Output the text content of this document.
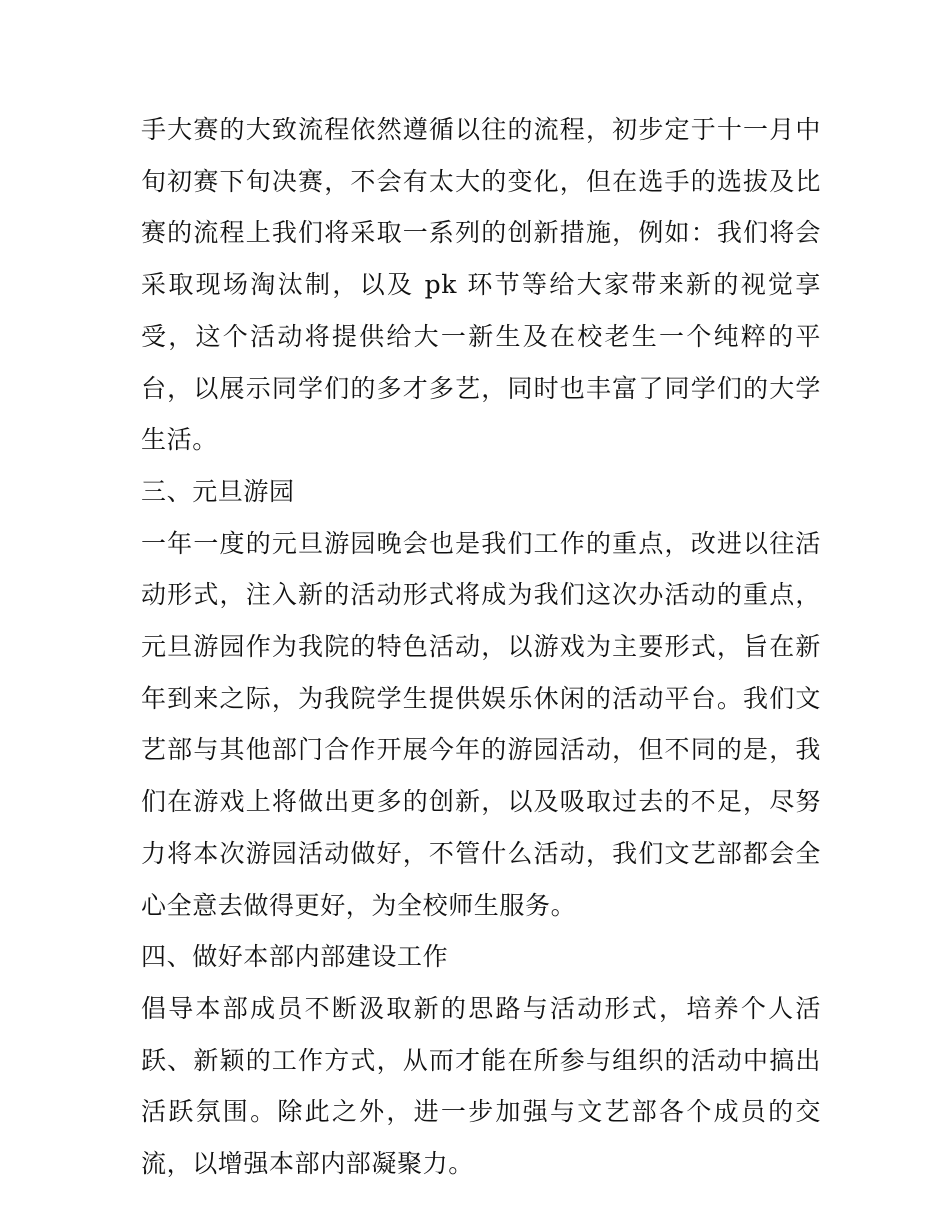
手大赛的大致流程依然遵循以往的流程，初步定于十一月中旬初赛下旬决赛，不会有太大的变化，但在选手的选拔及比赛的流程上我们将采取一系列的创新措施，例如：我们将会采取现场淘汰制，以及 pk 环节等给大家带来新的视觉享受，这个活动将提供给大一新生及在校老生一个纯粹的平台，以展示同学们的多才多艺，同时也丰富了同学们的大学生活。

三、元旦游园

一年一度的元旦游园晚会也是我们工作的重点，改进以往活动形式，注入新的活动形式将成为我们这次办活动的重点，元旦游园作为我院的特色活动，以游戏为主要形式，旨在新年到来之际，为我院学生提供娱乐休闲的活动平台。我们文艺部与其他部门合作开展今年的游园活动，但不同的是，我们在游戏上将做出更多的创新，以及吸取过去的不足，尽努力将本次游园活动做好，不管什么活动，我们文艺部都会全心全意去做得更好，为全校师生服务。

四、做好本部内部建设工作

倡导本部成员不断汲取新的思路与活动形式，培养个人活跃、新颖的工作方式，从而才能在所参与组织的活动中搞出活跃氛围。除此之外，进一步加强与文艺部各个成员的交流，以增强本部内部凝聚力。
